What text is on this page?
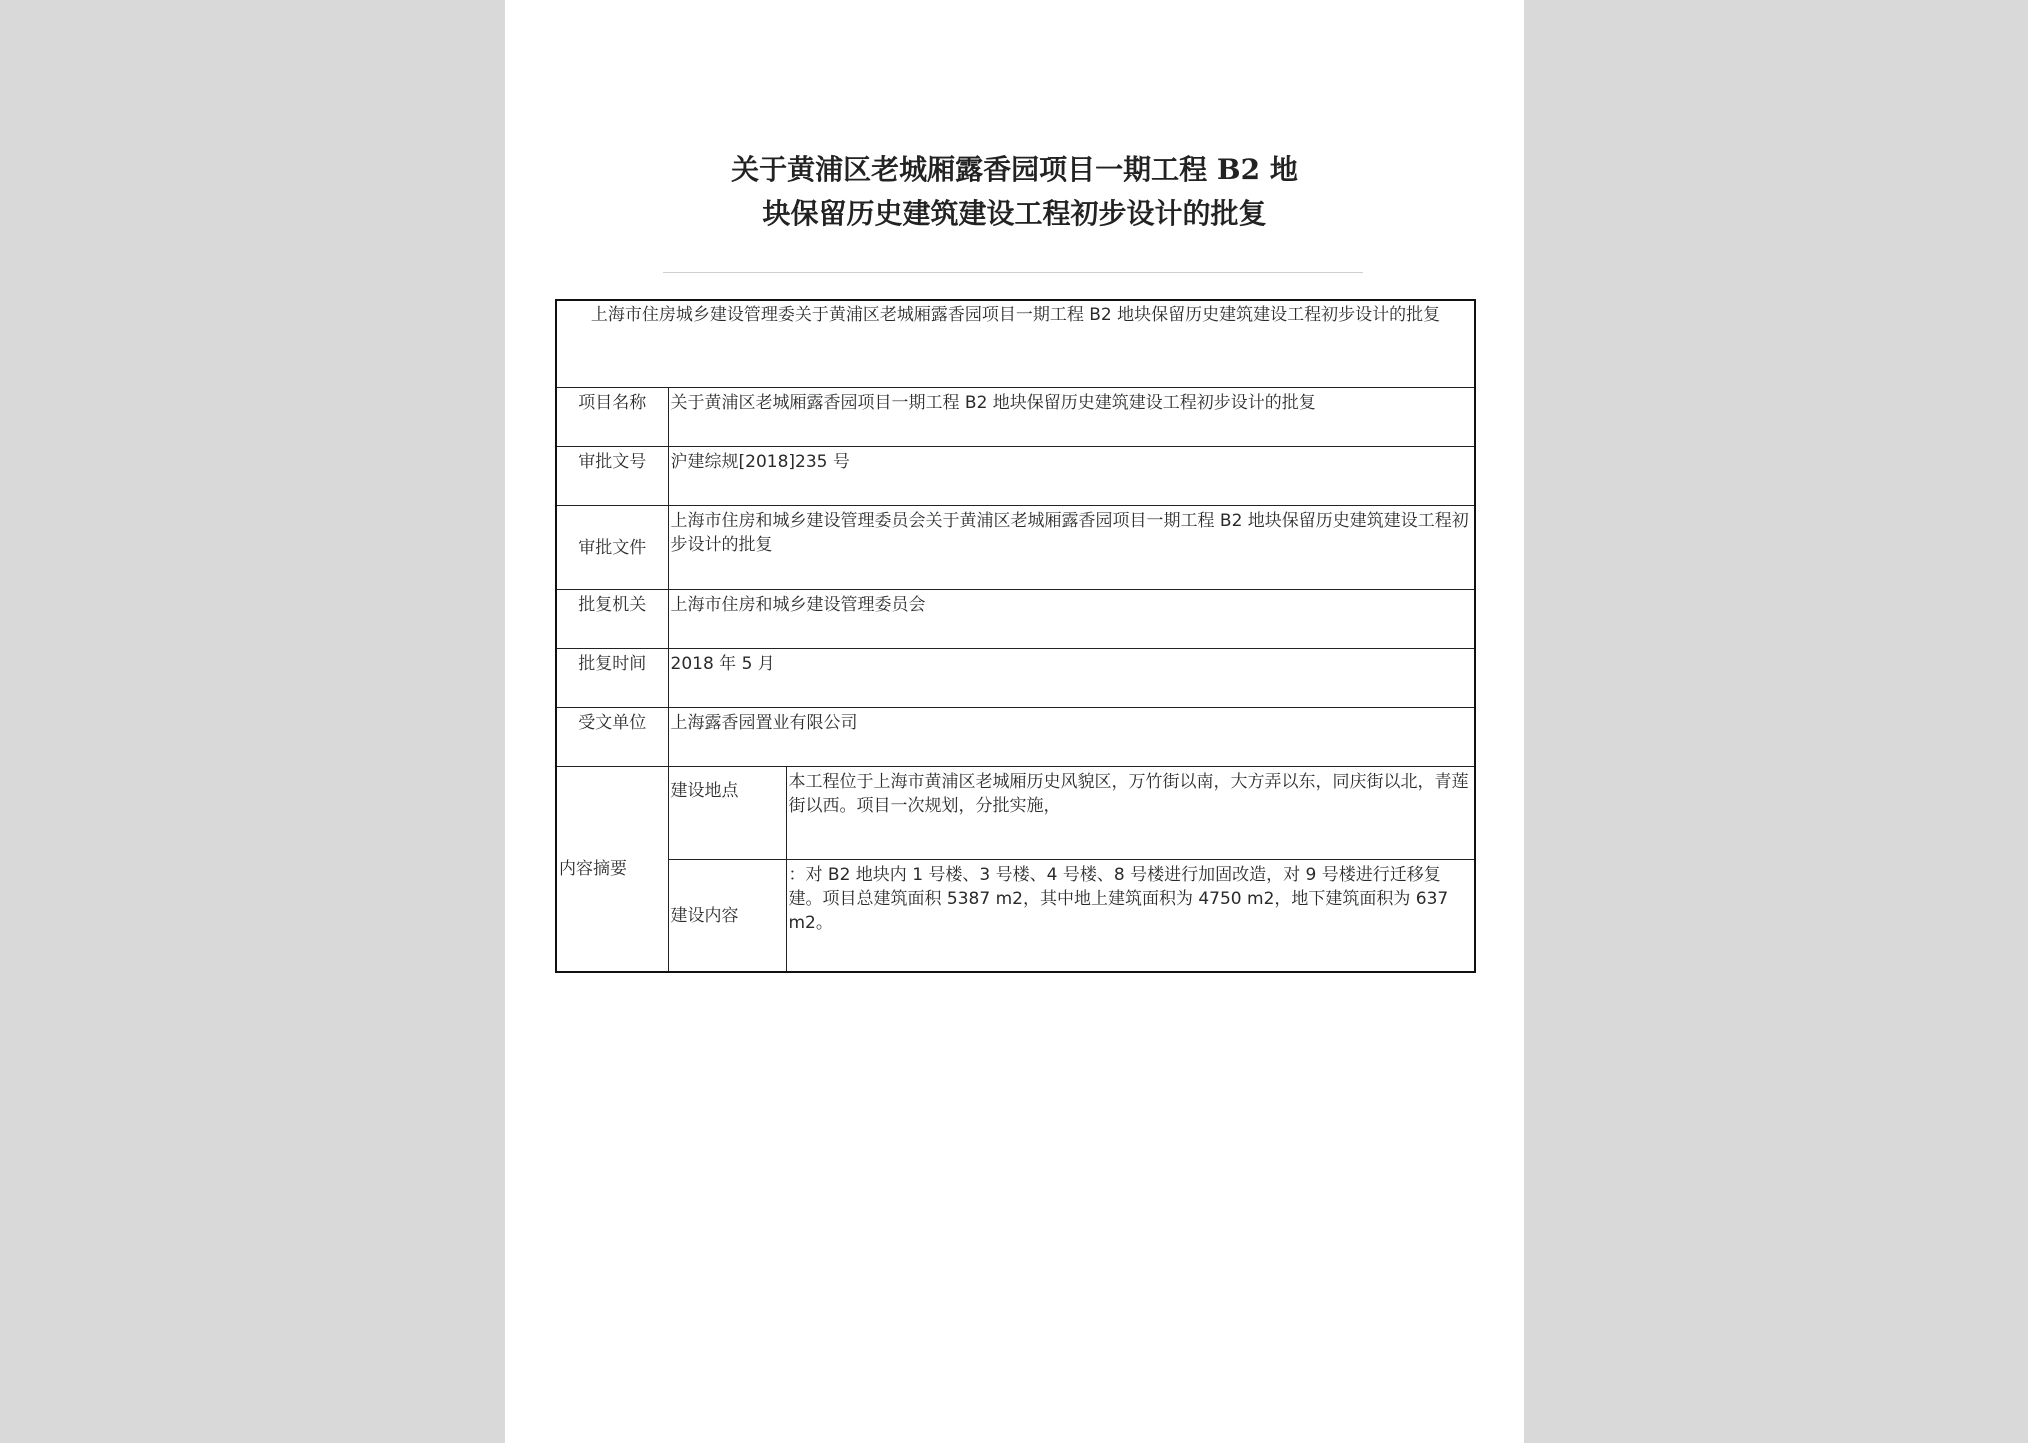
关于黄浦区老城厢露香园项目一期工程 B2 地
块保留历史建筑建设工程初步设计的批复
上海市住房城乡建设管理委关于黄浦区老城厢露香园项目一期工程 B2 地块保留历史建筑建设工程初步设计的批复		
项目名称	关于黄浦区老城厢露香园项目一期工程 B2 地块保留历史建筑建设工程初步设计的批复	
审批文号	沪建综规[2018]235 号	
审批文件	上海市住房和城乡建设管理委员会关于黄浦区老城厢露香园项目一期工程 B2 地块保留历史建筑建设工程初步设计的批复	
批复机关	上海市住房和城乡建设管理委员会	
批复时间	2018 年 5 月	
受文单位	上海露香园置业有限公司	
内容摘要	建设地点	本工程位于上海市黄浦区老城厢历史风貌区，万竹街以南，大方弄以东，同庆街以北，青莲街以西。项目一次规划，分批实施，
	建设内容	：对 B2 地块内 1 号楼、3 号楼、4 号楼、8 号楼进行加固改造，对 9 号楼进行迁移复建。项目总建筑面积 5387 m2，其中地上建筑面积为 4750 m2，地下建筑面积为 637 m2。
